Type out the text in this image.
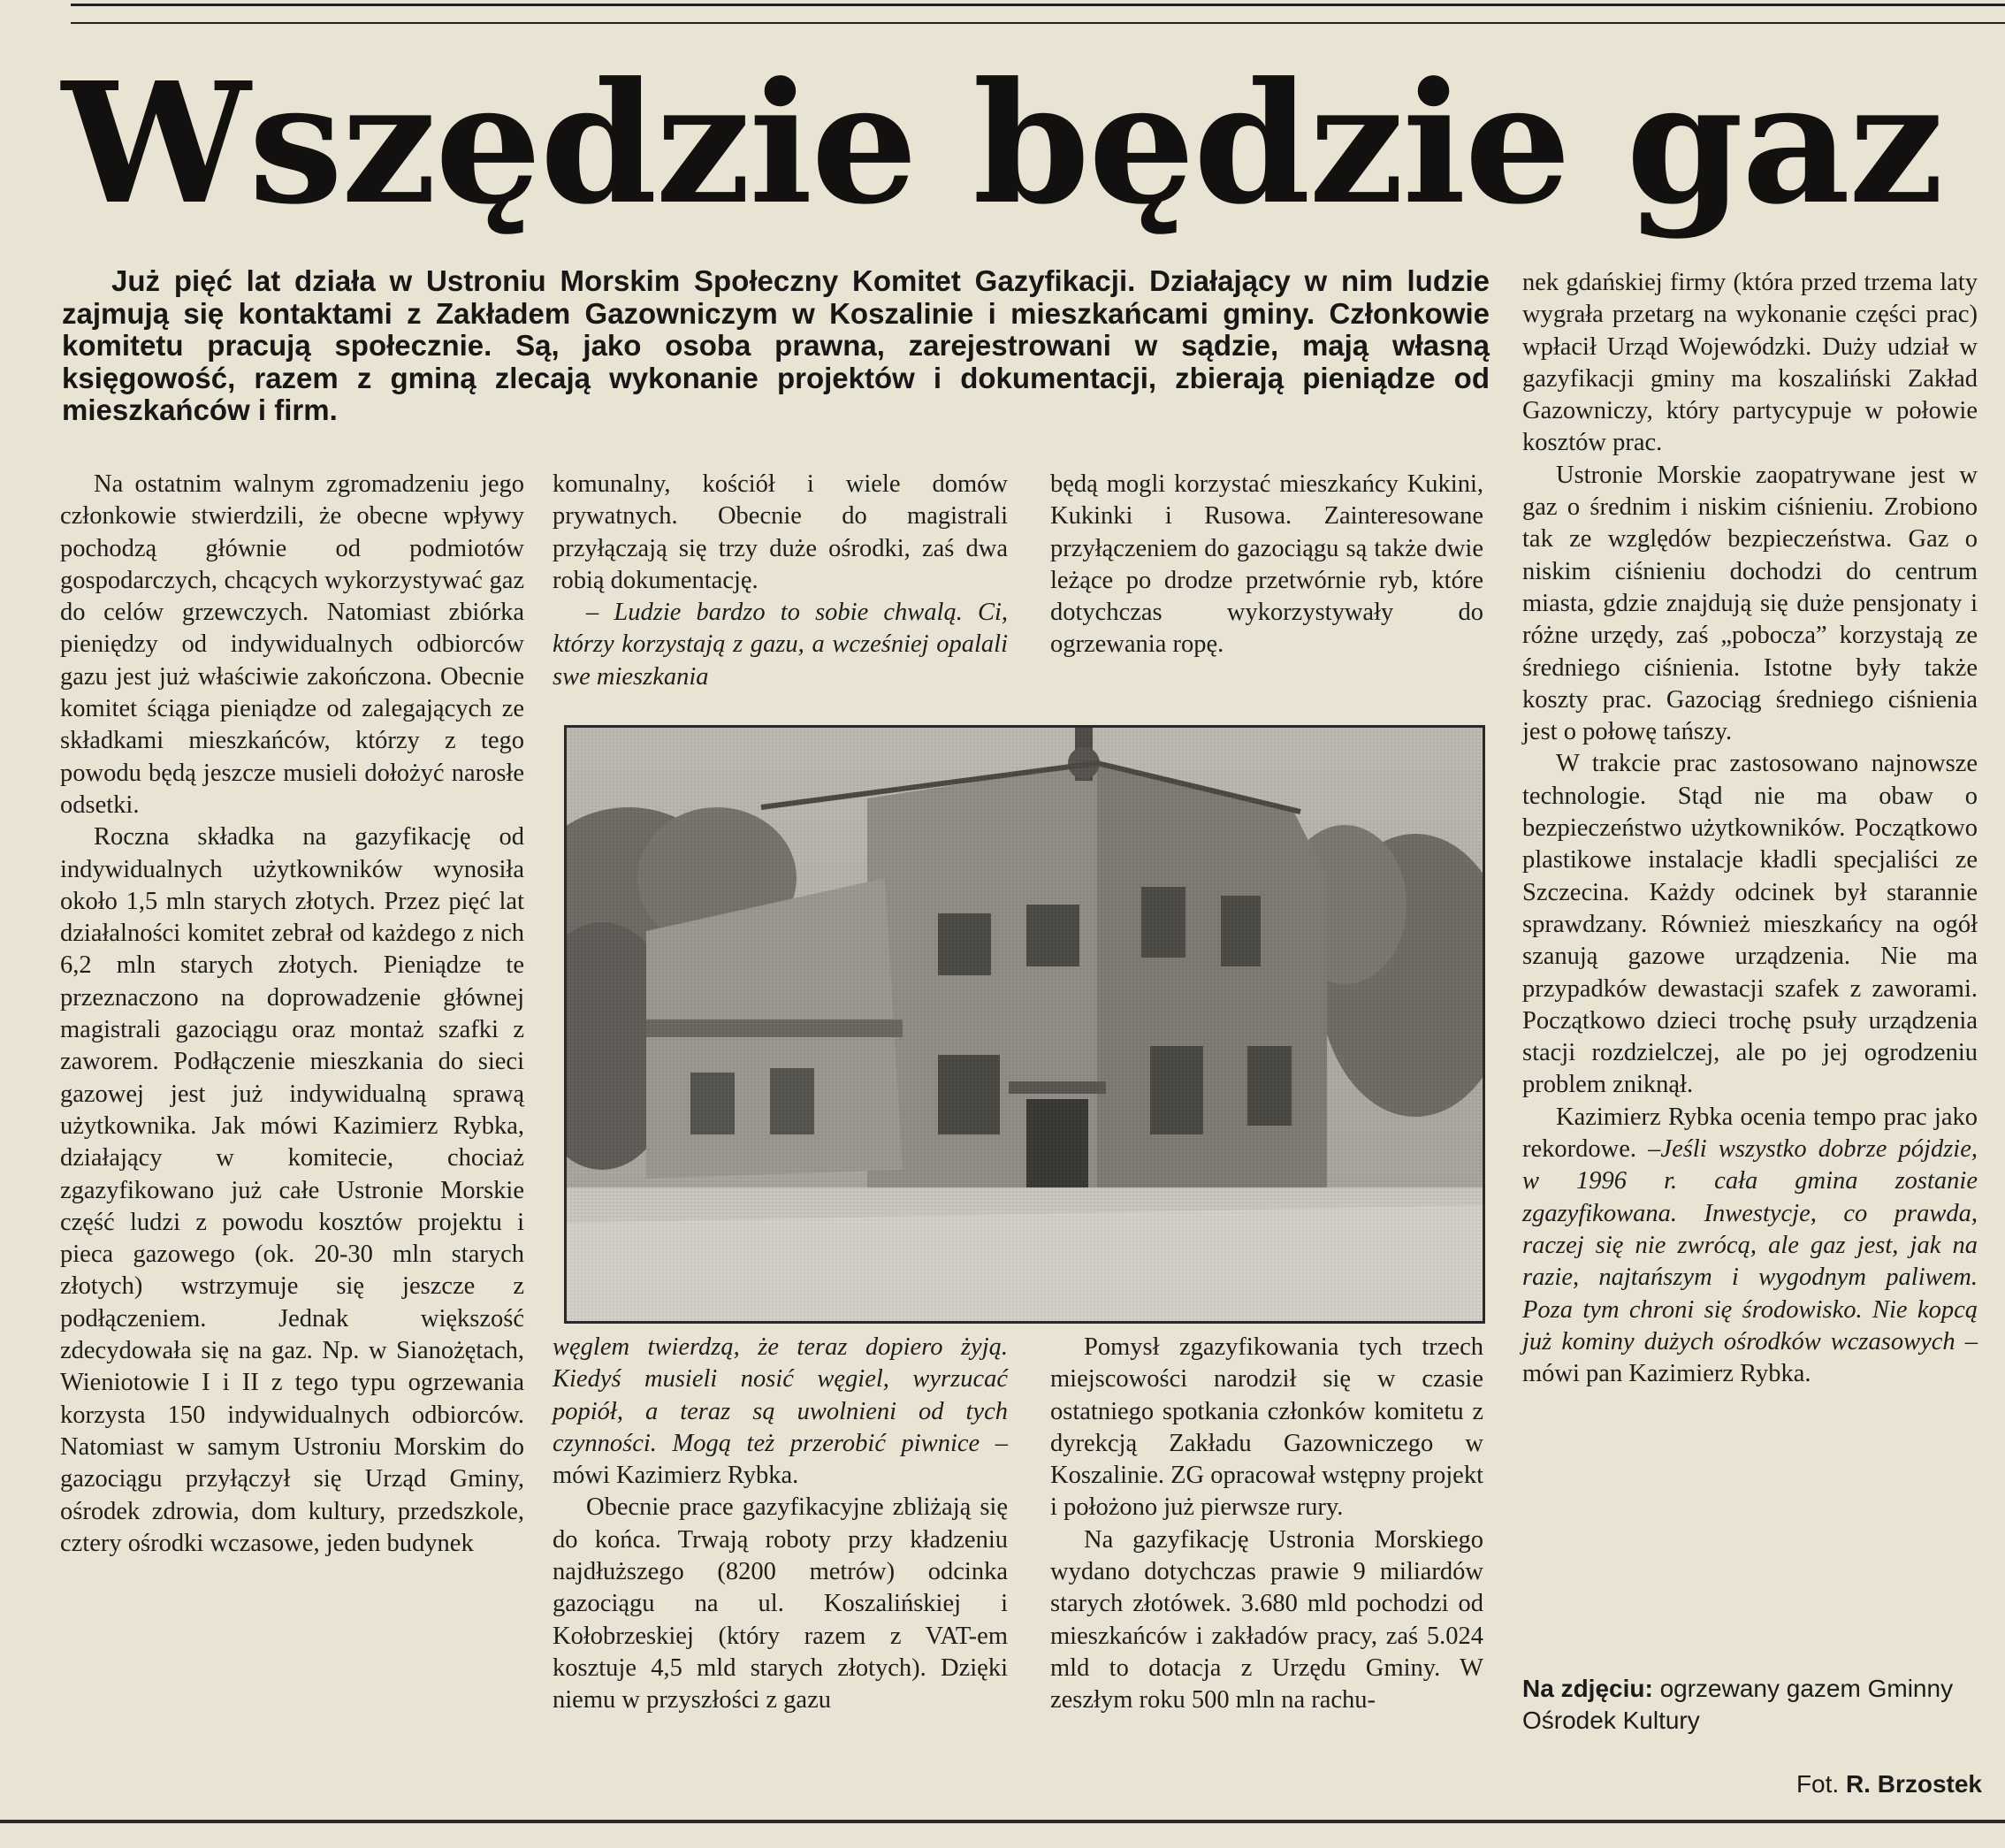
Wszędzie będzie gaz

Już pięć lat działa w Ustroniu Morskim Społeczny Komitet Gazyfikacji. Działający w nim ludzie zajmują się kontaktami z Zakładem Gazowniczym w Koszalinie i mieszkańcami gminy. Członkowie komitetu pracują społecznie. Są, jako osoba prawna, zarejestrowani w sądzie, mają własną księgowość, razem z gminą zlecają wykonanie projektów i dokumentacji, zbierają pieniądze od mieszkańców i firm.

Na ostatnim walnym zgromadzeniu jego członkowie stwierdzili, że obecne wpływy pochodzą głównie od podmiotów gospodarczych, chcących wykorzystywać gaz do celów grzewczych. Natomiast zbiórka pieniędzy od indywidualnych odbiorców gazu jest już właściwie zakończona. Obecnie komitet ściąga pieniądze od zalegających ze składkami mieszkańców, którzy z tego powodu będą jeszcze musieli dołożyć narosłe odsetki.

Roczna składka na gazyfikację od indywidualnych użytkowników wynosiła około 1,5 mln starych złotych. Przez pięć lat działalności komitet zebrał od każdego z nich 6,2 mln starych złotych. Pieniądze te przeznaczono na doprowadzenie głównej magistrali gazociągu oraz montaż szafki z zaworem. Podłączenie mieszkania do sieci gazowej jest już indywidualną sprawą użytkownika. Jak mówi Kazimierz Rybka, działający w komitecie, chociaż zgazyfikowano już całe Ustronie Morskie część ludzi z powodu kosztów projektu i pieca gazowego (ok. 20-30 mln starych złotych) wstrzymuje się jeszcze z podłączeniem. Jednak większość zdecydowała się na gaz. Np. w Sianożętach, Wieniotowie I i II z tego typu ogrzewania korzysta 150 indywidualnych odbiorców. Natomiast w samym Ustroniu Morskim do gazociągu przyłączył się Urząd Gminy, ośrodek zdrowia, dom kultury, przedszkole, cztery ośrodki wczasowe, jeden budynek

komunalny, kościół i wiele domów prywatnych. Obecnie do magistrali przyłączają się trzy duże ośrodki, zaś dwa robią dokumentację.

– Ludzie bardzo to sobie chwalą. Ci, którzy korzystają z gazu, a wcześniej opalali swe mieszkania

będą mogli korzystać mieszkańcy Kukini, Kukinki i Rusowa. Zainteresowane przyłączeniem do gazociągu są także dwie leżące po drodze przetwórnie ryb, które dotychczas wykorzystywały do ogrzewania ropę.

węglem twierdzą, że teraz dopiero żyją. Kiedyś musieli nosić węgiel, wyrzucać popiół, a teraz są uwolnieni od tych czynności. Mogą też przerobić piwnice – mówi Kazimierz Rybka.

Obecnie prace gazyfikacyjne zbliżają się do końca. Trwają roboty przy kładzeniu najdłuższego (8200 metrów) odcinka gazociągu na ul. Koszalińskiej i Kołobrzeskiej (który razem z VAT-em kosztuje 4,5 mld starych złotych). Dzięki niemu w przyszłości z gazu

Pomysł zgazyfikowania tych trzech miejscowości narodził się w czasie ostatniego spotkania członków komitetu z dyrekcją Zakładu Gazowniczego w Koszalinie. ZG opracował wstępny projekt i położono już pierwsze rury.

Na gazyfikację Ustronia Morskiego wydano dotychczas prawie 9 miliardów starych złotówek. 3.680 mld pochodzi od mieszkańców i zakładów pracy, zaś 5.024 mld to dotacja z Urzędu Gminy. W zeszłym roku 500 mln na rachu-

nek gdańskiej firmy (która przed trzema laty wygrała przetarg na wykonanie części prac) wpłacił Urząd Wojewódzki. Duży udział w gazyfikacji gminy ma koszaliński Zakład Gazowniczy, który partycypuje w połowie kosztów prac.

Ustronie Morskie zaopatrywane jest w gaz o średnim i niskim ciśnieniu. Zrobiono tak ze względów bezpieczeństwa. Gaz o niskim ciśnieniu dochodzi do centrum miasta, gdzie znajdują się duże pensjonaty i różne urzędy, zaś „pobocza” korzystają ze średniego ciśnienia. Istotne były także koszty prac. Gazociąg średniego ciśnienia jest o połowę tańszy.

W trakcie prac zastosowano najnowsze technologie. Stąd nie ma obaw o bezpieczeństwo użytkowników. Początkowo plastikowe instalacje kładli specjaliści ze Szczecina. Każdy odcinek był starannie sprawdzany. Również mieszkańcy na ogół szanują gazowe urządzenia. Nie ma przypadków dewastacji szafek z zaworami. Początkowo dzieci trochę psuły urządzenia stacji rozdzielczej, ale po jej ogrodzeniu problem zniknął.

Kazimierz Rybka ocenia tempo prac jako rekordowe. –Jeśli wszystko dobrze pójdzie, w 1996 r. cała gmina zostanie zgazyfikowana. Inwestycje, co prawda, raczej się nie zwrócą, ale gaz jest, jak na razie, najtańszym i wygodnym paliwem. Poza tym chroni się środowisko. Nie kopcą już kominy dużych ośrodków wczasowych – mówi pan Kazimierz Rybka.

Na zdjęciu: ogrzewany gazem Gminny Ośrodek Kultury
Fot. R. Brzostek
